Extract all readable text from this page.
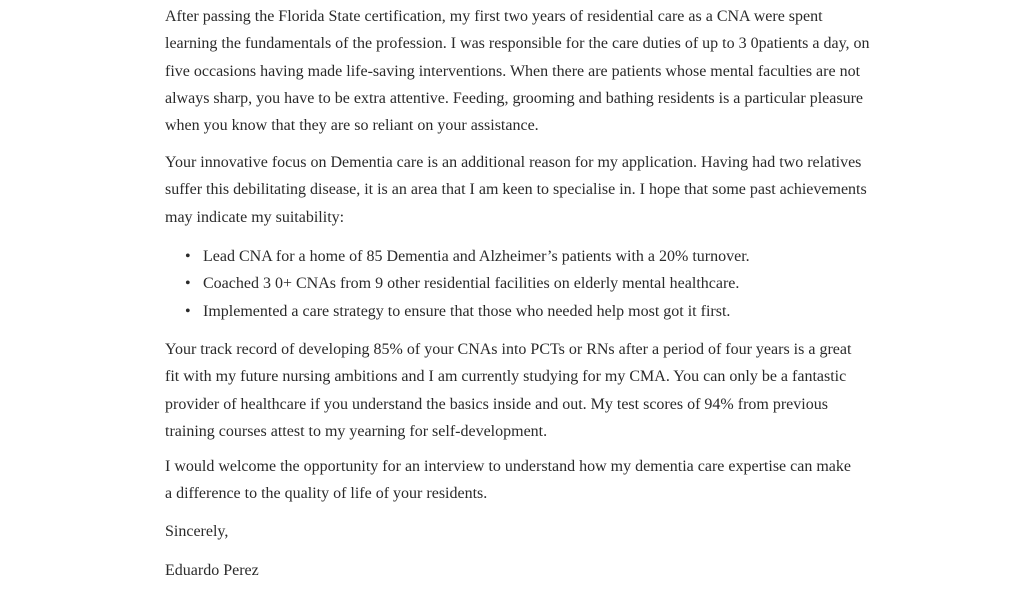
After passing the Florida State certification, my first two years of residential care as a CNA were spent
learning the fundamentals of the profession. I was responsible for the care duties of up to 3 0patients a day, on
five occasions having made life-saving interventions. When there are patients whose mental faculties are not
always sharp, you have to be extra attentive. Feeding, grooming and bathing residents is a particular pleasure
when you know that they are so reliant on your assistance.
Your innovative focus on Dementia care is an additional reason for my application. Having had two relatives
suffer this debilitating disease, it is an area that I am keen to specialise in. I hope that some past achievements
may indicate my suitability:
• Lead CNA for a home of 85 Dementia and Alzheimer’s patients with a 20% turnover.
• Coached 3 0+ CNAs from 9 other residential facilities on elderly mental healthcare.
• Implemented a care strategy to ensure that those who needed help most got it first.
Your track record of developing 85% of your CNAs into PCTs or RNs after a period of four years is a great
fit with my future nursing ambitions and I am currently studying for my CMA. You can only be a fantastic
provider of healthcare if you understand the basics inside and out. My test scores of 94% from previous
training courses attest to my yearning for self-development.
I would welcome the opportunity for an interview to understand how my dementia care expertise can make
a difference to the quality of life of your residents.
Sincerely,
Eduardo Perez
